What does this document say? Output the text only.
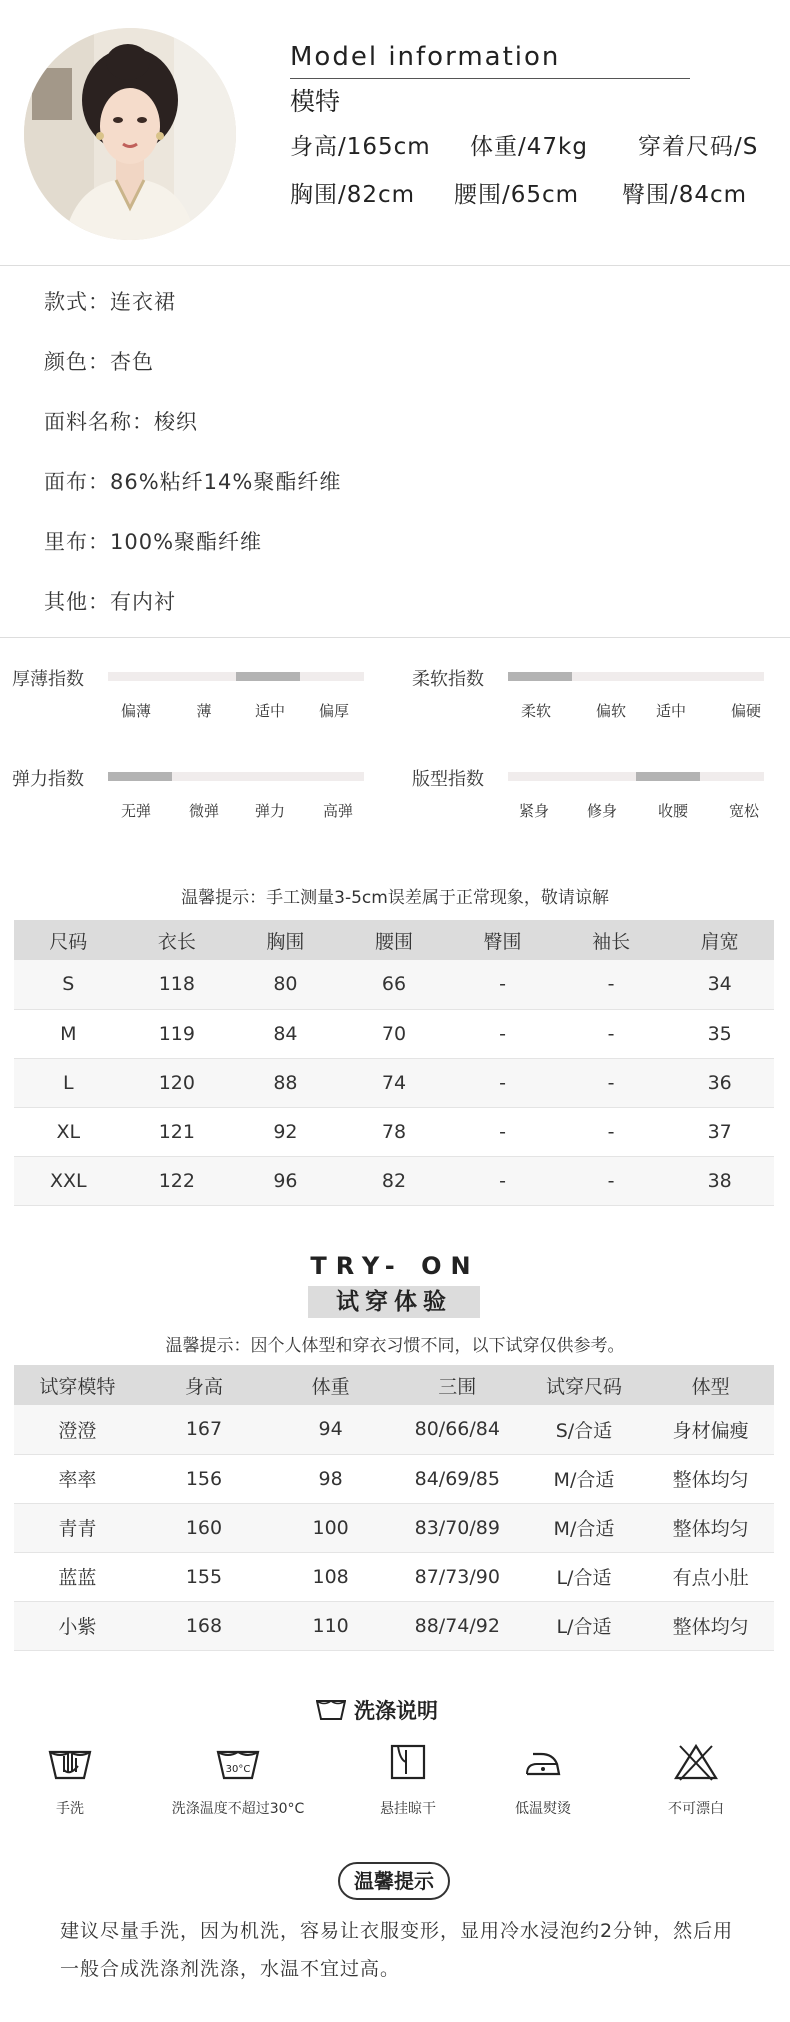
Model information
模特
身高/165cm 体重/47kg 穿着尺码/S
胸围/82cm 腰围/65cm 臀围/84cm
款式：连衣裙
颜色：杏色
面料名称：梭织
面布：86%粘纤14%聚酯纤维
里布：100%聚酯纤维
其他：有内衬
厚薄指数
偏薄	薄	适中 偏厚
柔软指数
柔软	偏软 适中	偏硬
弹力指数
无弹	微弹 弹力	高弹
版型指数
紧身	修身	收腰	宽松
温馨提示：手工测量3-5cm误差属于正常现象，敬请谅解
尺码	衣长	胸围	腰围	臀围	袖长	肩宽
S	118	80	66	-	-	34
M	119	84	70	-	-	35
L	120	88	74	-	-	36
XL	121	92	78	-	-	37
XXL	122	96	82	-	-	38
TRY- ON
试穿体验
温馨提示：因个人体型和穿衣习惯不同，以下试穿仅供参考。
试穿模特	身高	体重	三围	试穿尺码	体型
澄澄	167	94	80/66/84	S/合适	身材偏瘦
率率	156	98	84/69/85	M/合适	整体均匀
青青	160	100	83/70/89	M/合适	整体均匀
蓝蓝	155	108	87/73/90	L/合适	有点小肚
小紫	168	110	88/74/92	L/合适	整体均匀
洗涤说明
手洗
30°C
洗涤温度不超过30°C	悬挂晾干	低温熨烫	不可漂白
温馨提示
建议尽量手洗，因为机洗，容易让衣服变形，显用冷水浸泡约2分钟，然后用一般合成洗涤剂洗涤，水温不宜过高。
